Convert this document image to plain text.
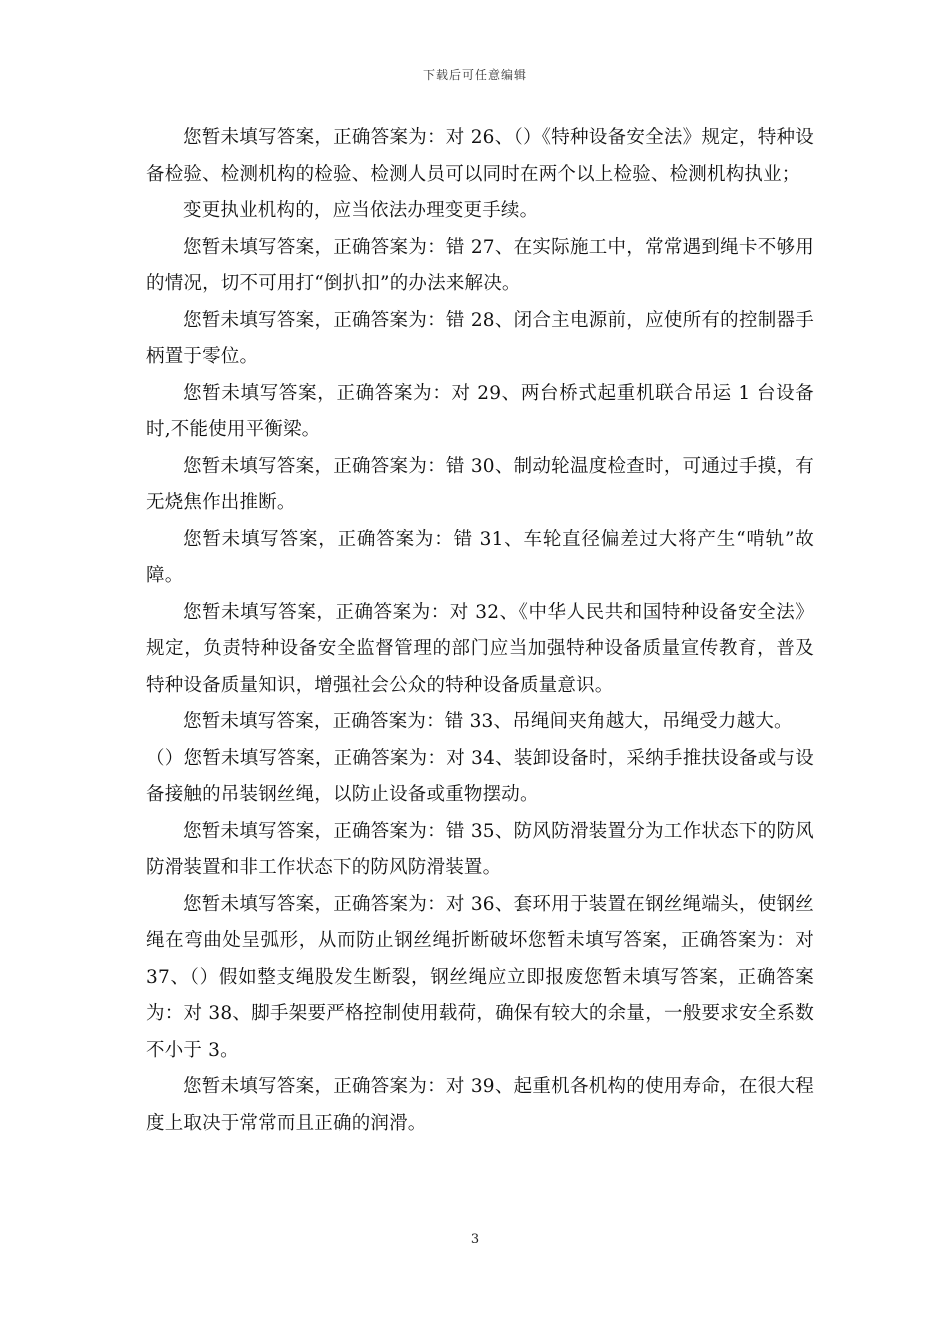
下载后可任意编辑

您暂未填写答案，正确答案为：对 26、（）《特种设备安全法》规定，特种设备检验、检测机构的检验、检测人员可以同时在两个以上检验、检测机构执业；

变更执业机构的，应当依法办理变更手续。

您暂未填写答案，正确答案为：错 27、在实际施工中，常常遇到绳卡不够用的情况，切不可用打“倒扒扣”的办法来解决。

您暂未填写答案，正确答案为：错 28、闭合主电源前，应使所有的控制器手柄置于零位。

您暂未填写答案，正确答案为：对 29、两台桥式起重机联合吊运 1 台设备时,不能使用平衡梁。

您暂未填写答案，正确答案为：错 30、制动轮温度检查时，可通过手摸，有无烧焦作出推断。

您暂未填写答案，正确答案为：错 31、车轮直径偏差过大将产生“啃轨”故障。

您暂未填写答案，正确答案为：对 32、《中华人民共和国特种设备安全法》规定，负责特种设备安全监督管理的部门应当加强特种设备质量宣传教育，普及特种设备质量知识，增强社会公众的特种设备质量意识。

您暂未填写答案，正确答案为：错 33、吊绳间夹角越大，吊绳受力越大。

（）您暂未填写答案，正确答案为：对 34、装卸设备时，采纳手推扶设备或与设备接触的吊装钢丝绳，以防止设备或重物摆动。

您暂未填写答案，正确答案为：错 35、防风防滑装置分为工作状态下的防风防滑装置和非工作状态下的防风防滑装置。

您暂未填写答案，正确答案为：对 36、套环用于装置在钢丝绳端头，使钢丝绳在弯曲处呈弧形，从而防止钢丝绳折断破坏您暂未填写答案，正确答案为：对 37、（）假如整支绳股发生断裂，钢丝绳应立即报废您暂未填写答案，正确答案为：对 38、脚手架要严格控制使用载荷，确保有较大的余量，一般要求安全系数不小于 3。

您暂未填写答案，正确答案为：对 39、起重机各机构的使用寿命，在很大程度上取决于常常而且正确的润滑。

3
